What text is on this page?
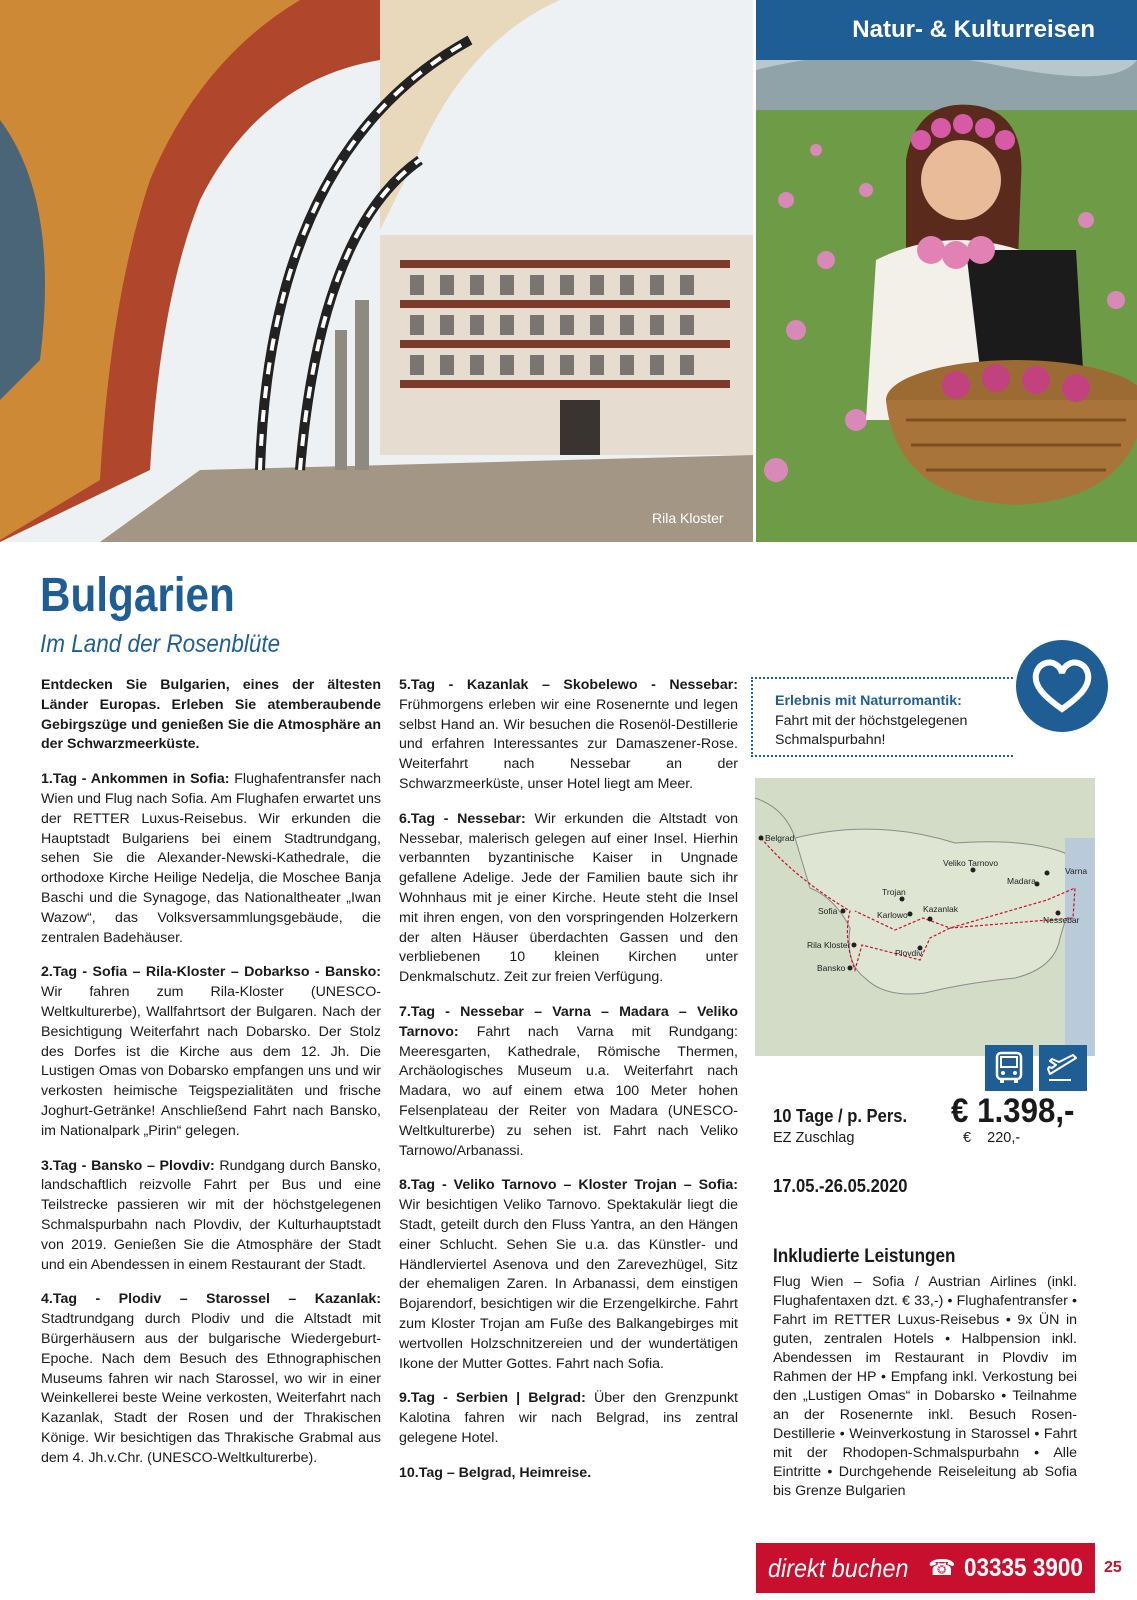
Natur- & Kulturreisen
Rila Kloster
Bulgarien
Im Land der Rosenblüte

Entdecken Sie Bulgarien, eines der ältesten Länder Europas. Erleben Sie atemberaubende Gebirgszüge und genießen Sie die Atmosphäre an der Schwarzmeerküste.

1.Tag - Ankommen in Sofia: Flughafentransfer nach Wien und Flug nach Sofia. Am Flughafen erwartet uns der RETTER Luxus-Reisebus. Wir erkunden die Hauptstadt Bulgariens bei einem Stadtrundgang, sehen Sie die Alexander-Newski-Kathedrale, die orthodoxe Kirche Heilige Nedelja, die Moschee Banja Baschi und die Synagoge, das Nationaltheater „Iwan Wazow“, das Volksversammlungsgebäude, die zentralen Badehäuser.

2.Tag - Sofia – Rila-Kloster – Dobarkso - Bansko: Wir fahren zum Rila-Kloster (UNESCO-Weltkulturerbe), Wallfahrtsort der Bulgaren. Nach der Besichtigung Weiterfahrt nach Dobarsko. Der Stolz des Dorfes ist die Kirche aus dem 12. Jh. Die Lustigen Omas von Dobarsko empfangen uns und wir verkosten heimische Teigspezialitäten und frische Joghurt-Getränke! Anschließend Fahrt nach Bansko, im Nationalpark „Pirin“ gelegen.

3.Tag - Bansko – Plovdiv: Rundgang durch Bansko, landschaftlich reizvolle Fahrt per Bus und eine Teilstrecke passieren wir mit der höchstgelegenen Schmalspurbahn nach Plovdiv, der Kulturhauptstadt von 2019. Genießen Sie die Atmosphäre der Stadt und ein Abendessen in einem Restaurant der Stadt.

4.Tag - Plodiv – Starossel – Kazanlak: Stadtrundgang durch Plodiv und die Altstadt mit Bürgerhäusern aus der bulgarische Wiedergeburt-Epoche. Nach dem Besuch des Ethnographischen Museums fahren wir nach Starossel, wo wir in einer Weinkellerei beste Weine verkosten, Weiterfahrt nach Kazanlak, Stadt der Rosen und der Thrakischen Könige. Wir besichtigen das Thrakische Grabmal aus dem 4. Jh.v.Chr. (UNESCO-Weltkulturerbe).

5.Tag - Kazanlak – Skobelewo - Nessebar: Frühmorgens erleben wir eine Rosenernte und legen selbst Hand an. Wir besuchen die Rosenöl-Destillerie und erfahren Interessantes zur Damaszener-Rose. Weiterfahrt nach Nessebar an der Schwarzmeerküste, unser Hotel liegt am Meer.

6.Tag - Nessebar: Wir erkunden die Altstadt von Nessebar, malerisch gelegen auf einer Insel. Hierhin verbannten byzantinische Kaiser in Ungnade gefallene Adelige. Jede der Familien baute sich ihr Wohnhaus mit je einer Kirche. Heute steht die Insel mit ihren engen, von den vorspringenden Holzerkern der alten Häuser überdachten Gassen und den verbliebenen 10 kleinen Kirchen unter Denkmalschutz. Zeit zur freien Verfügung.

7.Tag - Nessebar – Varna – Madara – Veliko Tarnovo: Fahrt nach Varna mit Rundgang: Meeresgarten, Kathedrale, Römische Thermen, Archäologisches Museum u.a. Weiterfahrt nach Madara, wo auf einem etwa 100 Meter hohen Felsenplateau der Reiter von Madara (UNESCO-Weltkulturerbe) zu sehen ist. Fahrt nach Veliko Tarnowo/Arbanassi.

8.Tag - Veliko Tarnovo – Kloster Trojan – Sofia: Wir besichtigen Veliko Tarnovo. Spektakulär liegt die Stadt, geteilt durch den Fluss Yantra, an den Hängen einer Schlucht. Sehen Sie u.a. das Künstler- und Händlerviertel Asenova und den Zarevezhügel, Sitz der ehemaligen Zaren. In Arbanassi, dem einstigen Bojarendorf, besichtigen wir die Erzengelkirche. Fahrt zum Kloster Trojan am Fuße des Balkangebirges mit wertvollen Holzschnitzereien und der wundertätigen Ikone der Mutter Gottes. Fahrt nach Sofia.

9.Tag - Serbien | Belgrad: Über den Grenzpunkt Kalotina fahren wir nach Belgrad, ins zentral gelegene Hotel.

10.Tag – Belgrad, Heimreise.

Erlebnis mit Naturromantik:
Fahrt mit der höchstgelegenen Schmalspurbahn!
Belgrad
Veliko Tarnovo
Varna
Madara
Trojan
Sofia	Karlowo
Kazanlak
Nessebar
Rila Kloster
Plovdiv
Bansko
10 Tage / p. Pers. € 1.398,-
EZ Zuschlag	€    220,-
17.05.-26.05.2020
Inkludierte Leistungen
Flug Wien – Sofia / Austrian Airlines (inkl. Flughafentaxen dzt. € 33,-) • Flughafentransfer • Fahrt im RETTER Luxus-Reisebus • 9x ÜN in guten, zentralen Hotels • Halbpension inkl. Abendessen im Restaurant in Plovdiv im Rahmen der HP • Empfang inkl. Verkostung bei den „Lustigen Omas“ in Dobarsko • Teilnahme an der Rosenernte inkl. Besuch Rosen-Destillerie • Weinverkostung in Starossel • Fahrt mit der Rhodopen-Schmalspurbahn • Alle Eintritte • Durchgehende Reiseleitung ab Sofia bis Grenze Bulgarien
direkt buchen ☎ 03335 3900 25
